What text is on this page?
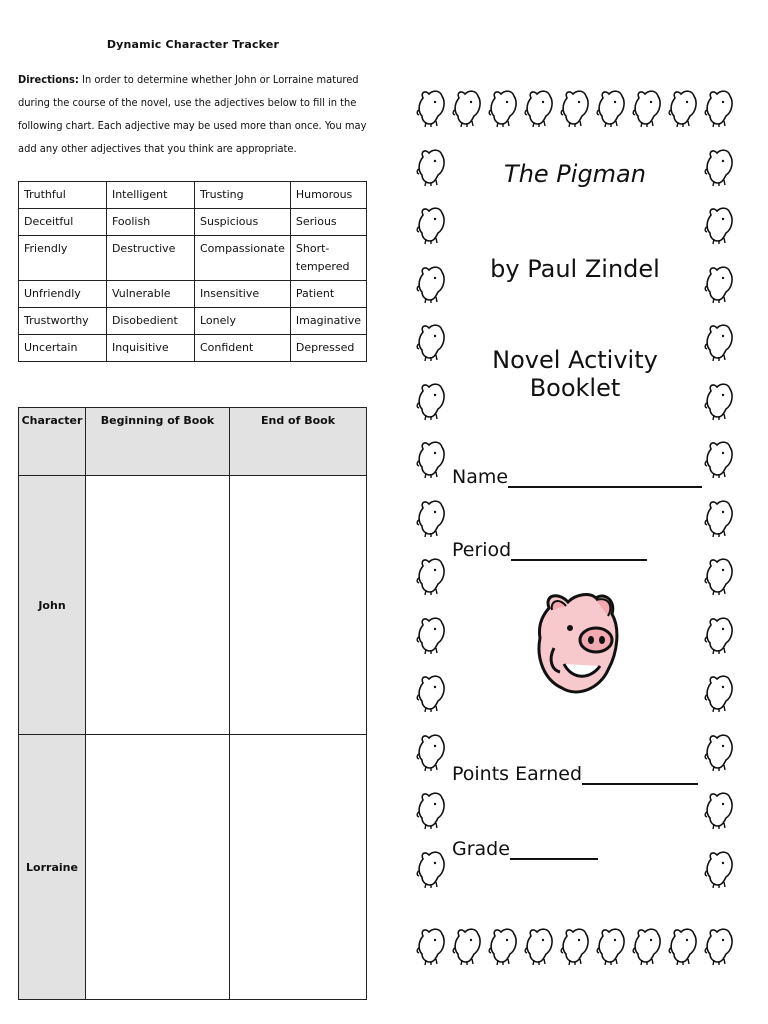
Dynamic Character Tracker

Directions: In order to determine whether John or Lorraine matured during the course of the novel, use the adjectives below to fill in the following chart. Each adjective may be used more than once. You may add any other adjectives that you think are appropriate.

Truthful	Intelligent	Trusting	Humorous
Deceitful	Foolish	Suspicious	Serious
Friendly	Destructive	Compassionate	Short-tempered
Unfriendly	Vulnerable	Insensitive	Patient
Trustworthy	Disobedient	Lonely	Imaginative
Uncertain	Inquisitive	Confident	Depressed
Character	Beginning of Book	End of Book
John		
Lorraine		
The Pigman
by Paul Zindel
Novel Activity Booklet
Name
Period
Points Earned
Grade
